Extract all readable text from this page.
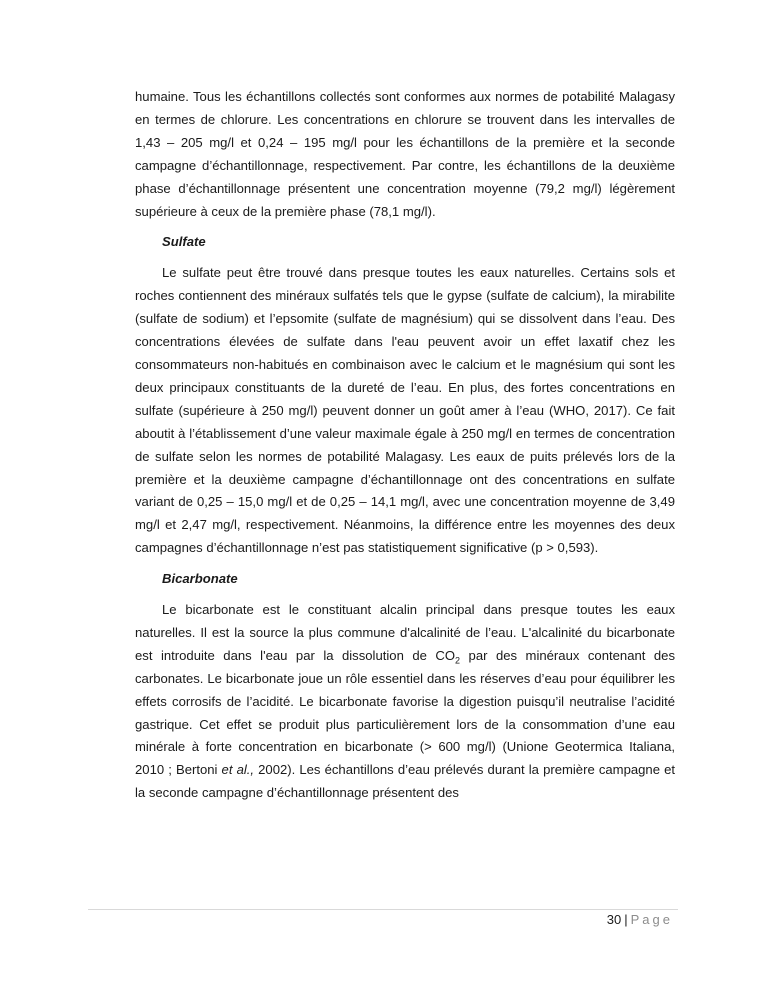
humaine. Tous les échantillons collectés sont conformes aux normes de potabilité Malagasy en termes de chlorure. Les concentrations en chlorure se trouvent dans les intervalles de 1,43 – 205 mg/l et 0,24 – 195 mg/l pour les échantillons de la première et la seconde campagne d’échantillonnage, respectivement. Par contre, les échantillons de la deuxième phase d’échantillonnage présentent une concentration moyenne (79,2 mg/l) légèrement supérieure à ceux de la première phase (78,1 mg/l).

Sulfate

Le sulfate peut être trouvé dans presque toutes les eaux naturelles. Certains sols et roches contiennent des minéraux sulfatés tels que le gypse (sulfate de calcium), la mirabilite (sulfate de sodium) et l’epsomite (sulfate de magnésium) qui se dissolvent dans l’eau. Des concentrations élevées de sulfate dans l'eau peuvent avoir un effet laxatif chez les consommateurs non-habitués en combinaison avec le calcium et le magnésium qui sont les deux principaux constituants de la dureté de l’eau. En plus, des fortes concentrations en sulfate (supérieure à 250 mg/l) peuvent donner un goût amer à l’eau (WHO, 2017). Ce fait aboutit à l’établissement d’une valeur maximale égale à 250 mg/l en termes de concentration de sulfate selon les normes de potabilité Malagasy. Les eaux de puits prélevés lors de la première et la deuxième campagne d’échantillonnage ont des concentrations en sulfate variant de 0,25 – 15,0 mg/l et de 0,25 – 14,1 mg/l, avec une concentration moyenne de 3,49 mg/l et 2,47 mg/l, respectivement. Néanmoins, la différence entre les moyennes des deux campagnes d’échantillonnage n’est pas statistiquement significative (p > 0,593).

Bicarbonate

Le bicarbonate est le constituant alcalin principal dans presque toutes les eaux naturelles. Il est la source la plus commune d'alcalinité de l’eau. L'alcalinité du bicarbonate est introduite dans l'eau par la dissolution de $CO_2$ par des minéraux contenant des carbonates. Le bicarbonate joue un rôle essentiel dans les réserves d’eau pour équilibrer les effets corrosifs de l’acidité. Le bicarbonate favorise la digestion puisqu’il neutralise l’acidité gastrique. Cet effet se produit plus particulièrement lors de la consommation d’une eau minérale à forte concentration en bicarbonate (> 600 mg/l) (Unione Geotermica Italiana, 2010 ; Bertoni et al., 2002). Les échantillons d’eau prélevés durant la première campagne et la seconde campagne d’échantillonnage présentent des

30 | Page
